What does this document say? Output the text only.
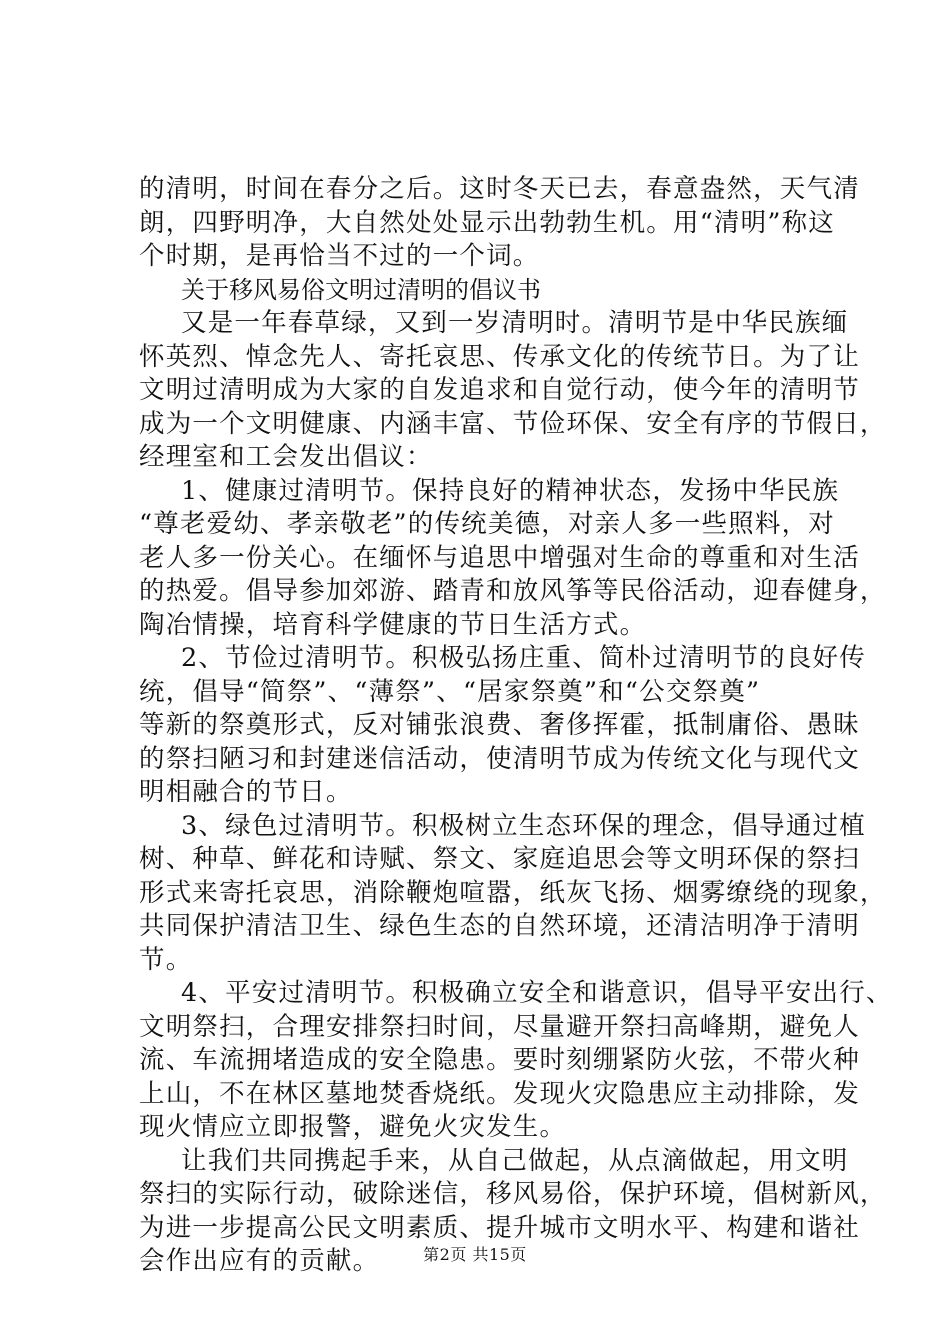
的清明，时间在春分之后。这时冬天已去，春意盎然，天气清
朗，四野明净，大自然处处显示出勃勃生机。用“清明”称这
个时期，是再恰当不过的一个词。
关于移风易俗文明过清明的倡议书
又是一年春草绿，又到一岁清明时。清明节是中华民族缅
怀英烈、悼念先人、寄托哀思、传承文化的传统节日。为了让
文明过清明成为大家的自发追求和自觉行动，使今年的清明节
成为一个文明健康、内涵丰富、节俭环保、安全有序的节假日，
经理室和工会发出倡议：
1、健康过清明节。保持良好的精神状态，发扬中华民族
“尊老爱幼、孝亲敬老”的传统美德，对亲人多一些照料，对
老人多一份关心。在缅怀与追思中增强对生命的尊重和对生活
的热爱。倡导参加郊游、踏青和放风筝等民俗活动，迎春健身，
陶冶情操，培育科学健康的节日生活方式。
2、节俭过清明节。积极弘扬庄重、简朴过清明节的良好传
统，倡导“简祭”、“薄祭”、“居家祭奠”和“公交祭奠”
等新的祭奠形式，反对铺张浪费、奢侈挥霍，抵制庸俗、愚昧
的祭扫陋习和封建迷信活动，使清明节成为传统文化与现代文
明相融合的节日。
3、绿色过清明节。积极树立生态环保的理念，倡导通过植
树、种草、鲜花和诗赋、祭文、家庭追思会等文明环保的祭扫
形式来寄托哀思，消除鞭炮喧嚣，纸灰飞扬、烟雾缭绕的现象，
共同保护清洁卫生、绿色生态的自然环境，还清洁明净于清明
节。
4、平安过清明节。积极确立安全和谐意识，倡导平安出行、
文明祭扫，合理安排祭扫时间，尽量避开祭扫高峰期，避免人
流、车流拥堵造成的安全隐患。要时刻绷紧防火弦，不带火种
上山，不在林区墓地焚香烧纸。发现火灾隐患应主动排除，发
现火情应立即报警，避免火灾发生。
让我们共同携起手来，从自己做起，从点滴做起，用文明
祭扫的实际行动，破除迷信，移风易俗，保护环境，倡树新风，
为进一步提高公民文明素质、提升城市文明水平、构建和谐社
会作出应有的贡献。	第2页 共15页
